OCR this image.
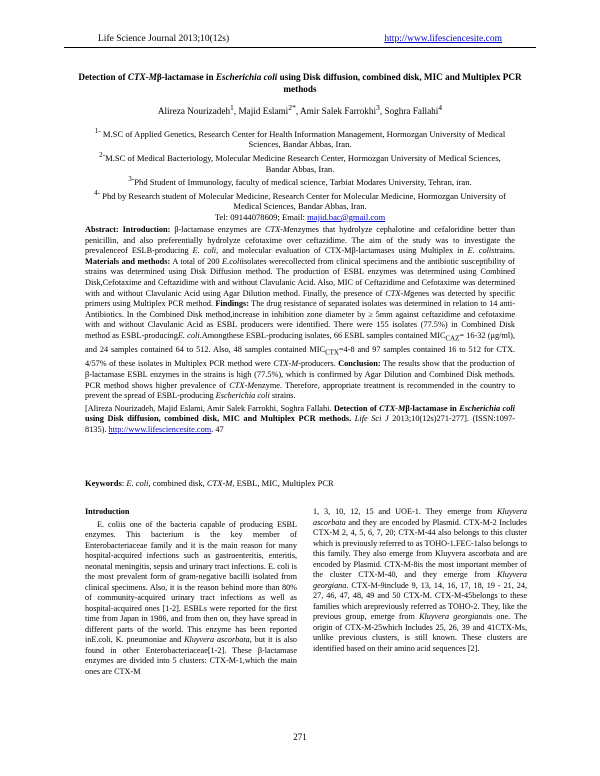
Life Science Journal 2013;10(12s)	http://www.lifesciencesite.com
Detection of CTX-Mβ-lactamase in Escherichia coli using Disk diffusion, combined disk, MIC and Multiplex PCR methods
Alireza Nourizadeh$^1$, Majid Eslami$^{2*}$, Amir Salek Farrokhi$^3$, Soghra Fallahi$^4$

$^{1-}$ M.SC of Applied Genetics, Research Center for Health Information Management, Hormozgan University of Medical Sciences, Bandar Abbas, Iran.

$^{2-}$M.SC of Medical Bacteriology, Molecular Medicine Research Center, Hormozgan University of Medical Sciences, Bandar Abbas, Iran.

$^{3-}$Phd Student of Immunology, faculty of medical science, Tarbiat Modares University, Tehran, iran.

$^{4-}$ Phd by Research student of Molecular Medicine, Research Center for Molecular Medicine, Hormozgan University of Medical Sciences, Bandar Abbas, Iran.

Tel: 09144078609; Email: majid.bac@gmail.com

Abstract: Introduction: β-lactamase enzymes are CTX-Menzymes that hydrolyze cephalotine and cefaloridine better than penicillin, and also preferentially hydrolyze cefotaxime over ceftazidime. The aim of the study was to investigate the prevalenceof ESLB-producing E. coli, and molecular evaluation of CTX-Mβ-lactamases using Multiplex in E. colistrains. Materials and methods: A total of 200 E.coliisolates werecollected from clinical specimens and the antibiotic susceptibility of strains was determined using Disk Diffusion method. The production of ESBL enzymes was determined using Combined Disk,Cefotaxime and Ceftazidime with and without Clavulanic Acid. Also, MIC of Ceftazidime and Cefotaxime was determined with and without Clavulanic Acid using Agar Dilution method. Finally, the presence of CTX-Mgenes was detected by specific primers using Multiplex PCR method. Findings: The drug resistance of separated isolates was determined in relation to 14 anti- Antibiotics. In the Combined Disk method,increase in inhibition zone diameter by ≥ 5mm against ceftazidime and cefotaxime with and without Clavulanic Acid as ESBL producers were identified. There were 155 isolates (77.5%) in Combined Disk method as ESBL-producingE. coli.Amongthese ESBL-producing isolates, 66 ESBL samples contained $MIC_{CAZ}= 16-32$ (μg/ml), and 24 samples contained 64 to 512. Also, 48 samples contained $MIC_{CTX}=4-8$ and 97 samples contained 16 to 512 for CTX. 4/57% of these isolates in Multiplex PCR method were CTX-M-producers. Conclusion: The results show that the production of β-lactamase ESBL enzymes in the strains is high (77.5%), which is confirmed by Agar Dilution and Combined Disk methods. PCR method shows higher prevalence of CTX-Menzyme. Therefore, appropriate treatment is recommended in the country to prevent the spread of ESBL-producing Escherichia coli strains.

[Alireza Nourizadeh, Majid Eslami, Amir Salek Farrokhi, Soghra Fallahi. Detection of CTX-Mβ-lactamase in Escherichia coli using Disk diffusion, combined disk, MIC and Multiplex PCR methods. Life Sci J 2013;10(12s)271-277]. (ISSN:1097-8135). http://www.lifesciencesite.com. 47

Keywords: E. coli, combined disk, CTX-M, ESBL, MIC, Multiplex PCR

Introduction

E. coliis one of the bacteria capable of producing ESBL enzymes. This bacterium is the key member of Enterobacteriaceae family and it is the main reason for many hospital-acquired infections such as gastroenteritis, enteritis, neonatal meningitis, sepsis and urinary tract infections. E. coli is the most prevalent form of gram-negative bacilli isolated from clinical specimens. Also, it is the reason behind more than 80% of community-acquired urinary tract infections as well as hospital-acquired ones [1-2]. ESBLs were reported for the first time from Japan in 1986, and from then on, they have spread in different parts of the world. This enzyme has been reported inE.coli, K. pneumoniae and Kluyvera ascorbata, but it is also found in other Enterobacteriaceae[1-2]. These β-lactamase enzymes are divided into 5 clusters: CTX-M-1,which the main ones are CTX-M

1, 3, 10, 12, 15 and UOE-1. They emerge from Kluyvera ascorbata and they are encoded by Plasmid. CTX-M-2 Includes CTX-M 2, 4, 5, 6, 7, 20; CTX-M-44 also belongs to this cluster which is previously referred to as TOHO-1.FEC-1also belongs to this family. They also emerge from Kluyvera ascorbata and are encoded by Plasmid. CTX-M-8is the most important member of the cluster CTX-M-40, and they emerge from Kluyvera georgiana. CTX-M-9include 9, 13, 14, 16, 17, 18, 19 - 21, 24, 27, 46, 47, 48, 49 and 50 CTX-M. CTX-M-45belongs to these families which arepreviously referred as TOHO-2. They, like the previous group, emerge from Kluyvera georgianais one. The origin of CTX-M-25which Includes 25, 26, 39 and 41CTX-Ms, unlike previous clusters, is still known. These clusters are identified based on their amino acid sequences [2].

271
